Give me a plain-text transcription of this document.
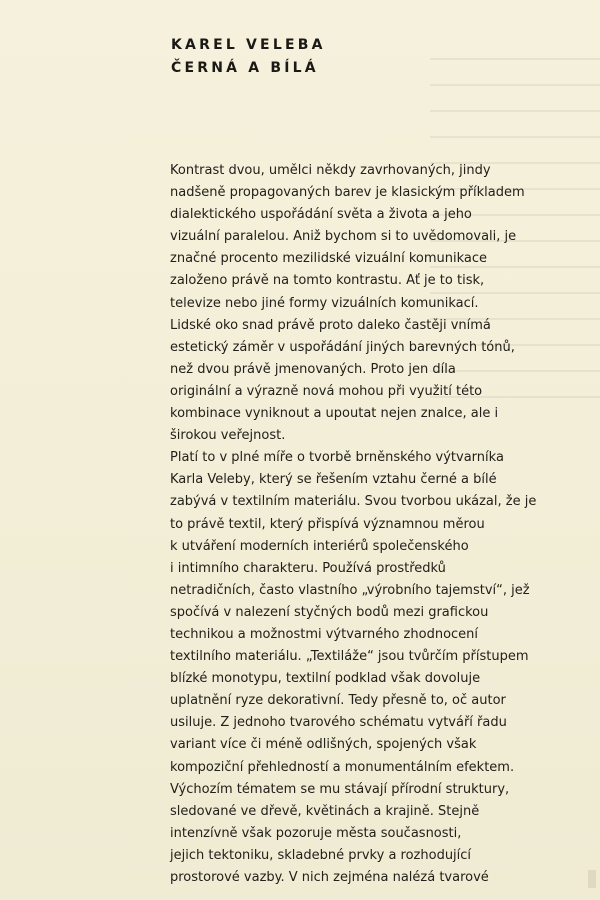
KAREL VELEBA
ČERNÁ A BÍLÁ
Kontrast dvou, umělci někdy zavrhovaných, jindy
nadšeně propagovaných barev je klasickým příkladem
dialektického uspořádání světa a života a jeho
vizuální paralelou. Aniž bychom si to uvědomovali, je
značné procento mezilidské vizuální komunikace
založeno právě na tomto kontrastu. Ať je to tisk,
televize nebo jiné formy vizuálních komunikací.
Lidské oko snad právě proto daleko častěji vnímá
estetický záměr v uspořádání jiných barevných tónů,
než dvou právě jmenovaných. Proto jen díla
originální a výrazně nová mohou při využití této
kombinace vyniknout a upoutat nejen znalce, ale i
širokou veřejnost.
Platí to v plné míře o tvorbě brněnského výtvarníka
Karla Veleby, který se řešením vztahu černé a bílé
zabývá v textilním materiálu. Svou tvorbou ukázal, že je
to právě textil, který přispívá významnou měrou
k utváření moderních interiérů společenského
i intimního charakteru. Používá prostředků
netradičních, často vlastního „výrobního tajemství“, jež
spočívá v nalezení styčných bodů mezi grafickou
technikou a možnostmi výtvarného zhodnocení
textilního materiálu. „Textiláže“ jsou tvůrčím přístupem
blízké monotypu, textilní podklad však dovoluje
uplatnění ryze dekorativní. Tedy přesně to, oč autor
usiluje. Z jednoho tvarového schématu vytváří řadu
variant více či méně odlišných, spojených však
kompoziční přehledností a monumentálním efektem.
Výchozím tématem se mu stávají přírodní struktury,
sledované ve dřevě, květinách a krajině. Stejně
intenzívně však pozoruje města současnosti,
jejich tektoniku, skladebné prvky a rozhodující
prostorové vazby. V nich zejména nalézá tvarové
